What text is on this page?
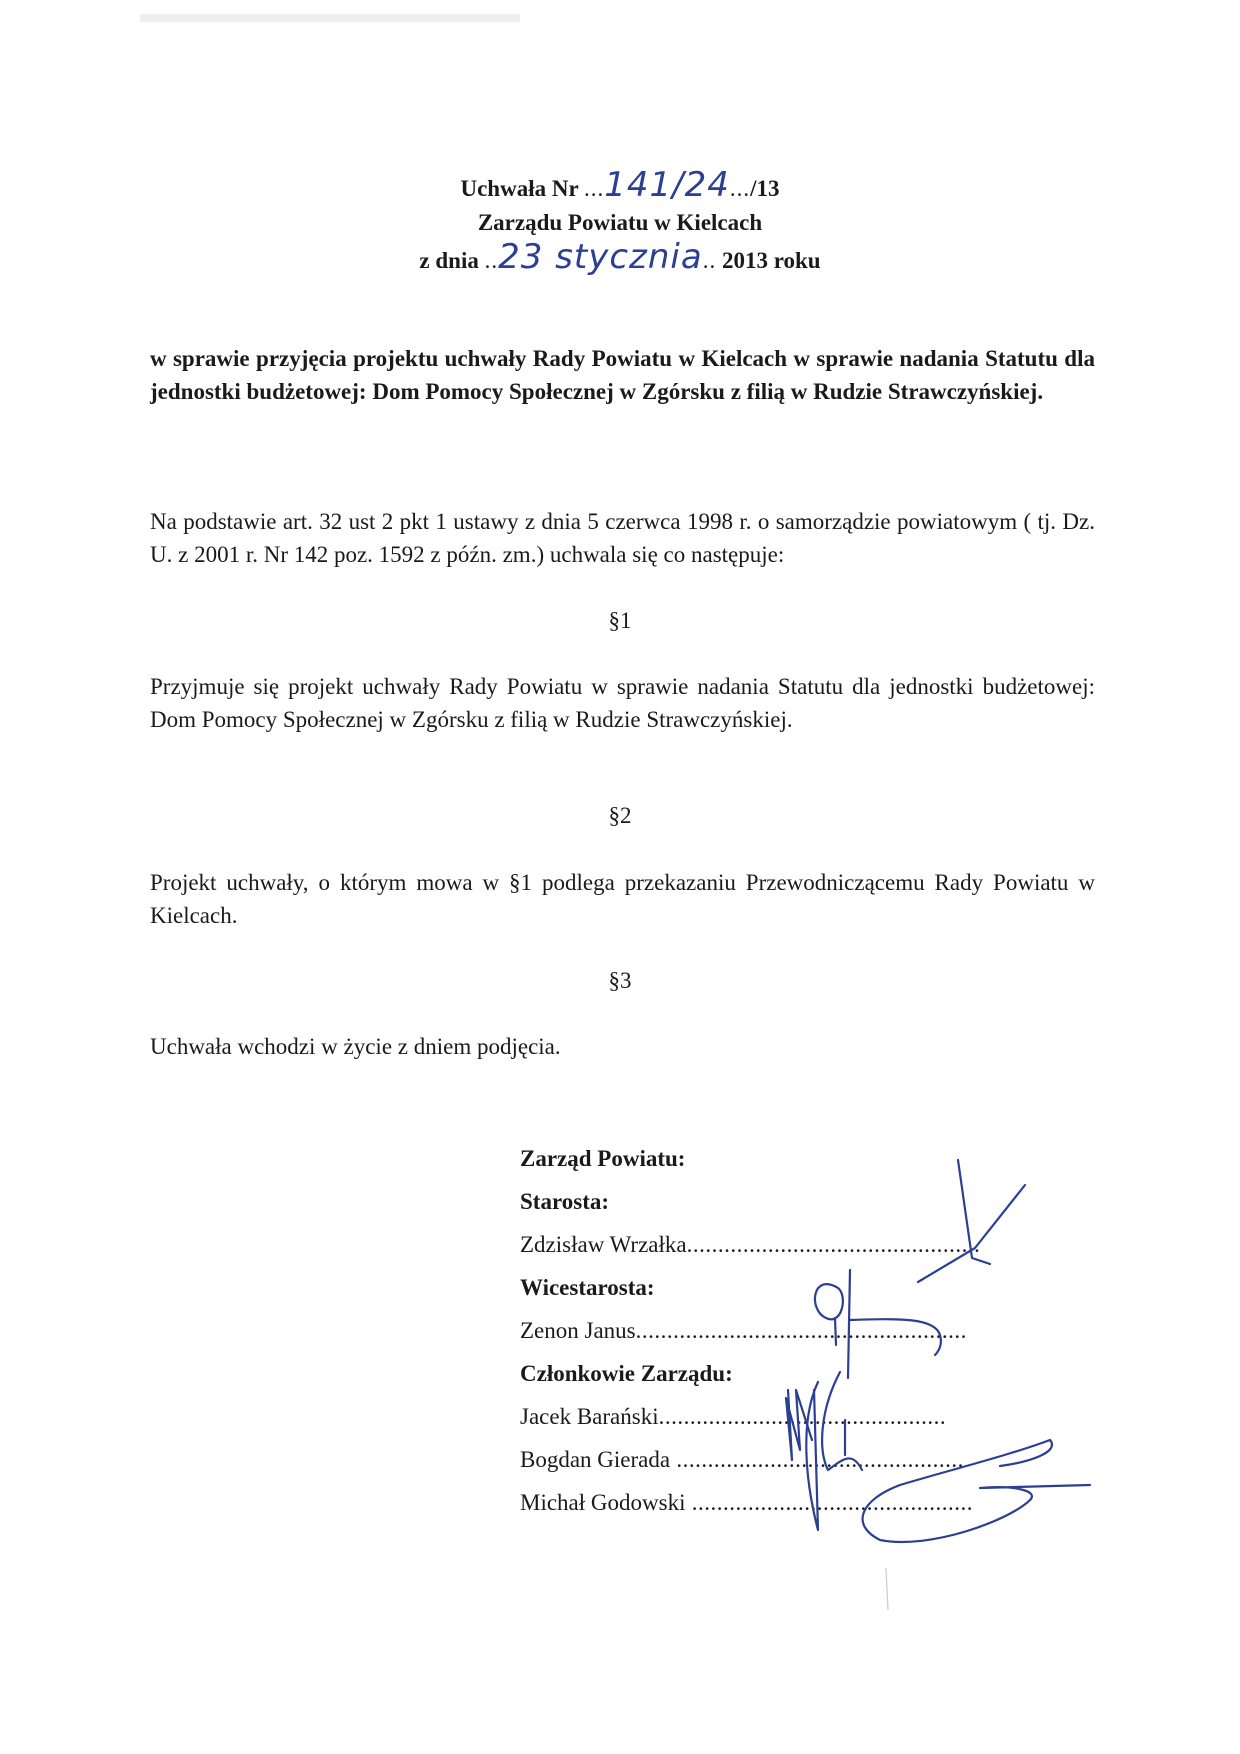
Uchwała Nr ...141/24.../13
Zarządu Powiatu w Kielcach
z dnia ..23 stycznia.. 2013 roku
w sprawie przyjęcia projektu uchwały Rady Powiatu w Kielcach w sprawie nadania Statutu dla jednostki budżetowej: Dom Pomocy Społecznej w Zgórsku z filią w Rudzie Strawczyńskiej.
Na podstawie art. 32 ust 2 pkt 1 ustawy z dnia 5 czerwca 1998 r. o samorządzie powiatowym ( tj. Dz. U. z 2001 r. Nr 142 poz. 1592 z późn. zm.) uchwala się co następuje:
§1
Przyjmuje się projekt uchwały Rady Powiatu w sprawie nadania Statutu dla jednostki budżetowej: Dom Pomocy Społecznej w Zgórsku z filią w Rudzie Strawczyńskiej.
§2
Projekt uchwały, o którym mowa w §1 podlega przekazaniu Przewodniczącemu Rady Powiatu w Kielcach.
§3
Uchwała wchodzi w życie z dniem podjęcia.
Zarząd Powiatu:
Starosta:
Zdzisław Wrzałka...............................................
Wicestarosta:
Zenon Janus.....................................................
Członkowie Zarządu:
Jacek Barański..............................................
Bogdan Gierada ..............................................
Michał Godowski .............................................
